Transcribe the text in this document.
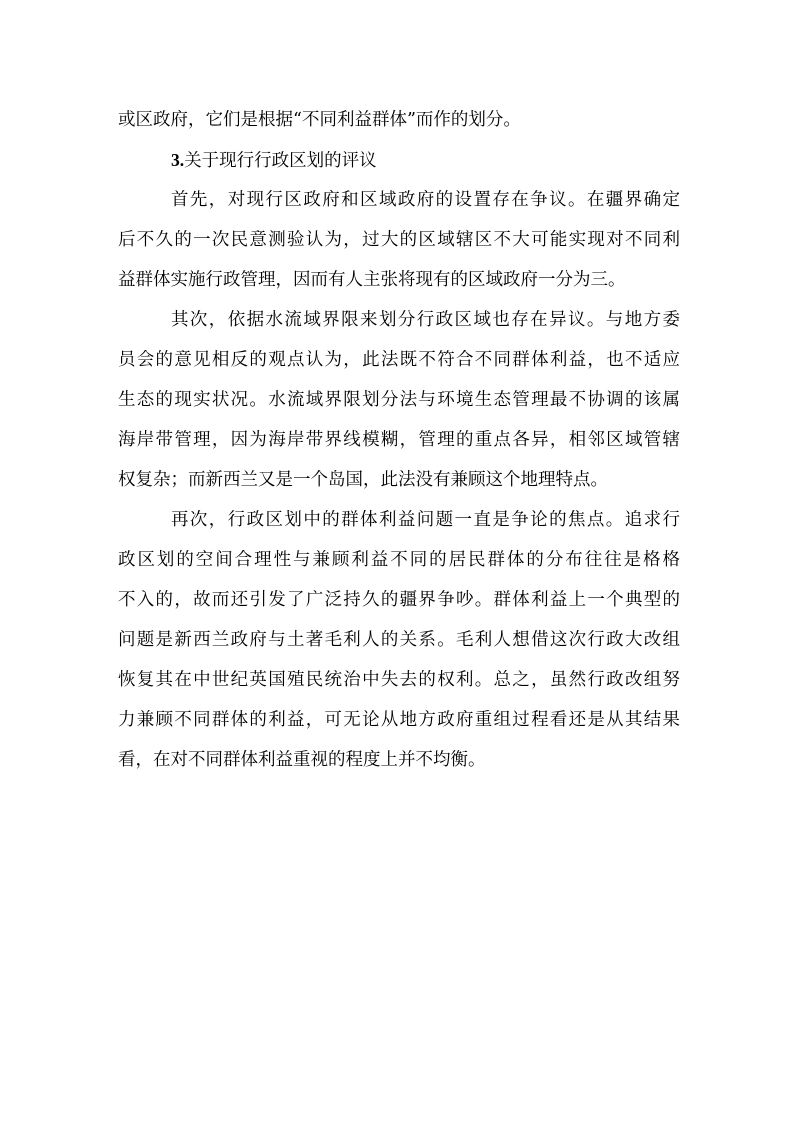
或区政府，它们是根据“不同利益群体”而作的划分。
3.关于现行行政区划的评议
首先，对现行区政府和区域政府的设置存在争议。在疆界确定
后不久的一次民意测验认为，过大的区域辖区不大可能实现对不同利
益群体实施行政管理，因而有人主张将现有的区域政府一分为三。
其次，依据水流域界限来划分行政区域也存在异议。与地方委
员会的意见相反的观点认为，此法既不符合不同群体利益，也不适应
生态的现实状况。水流域界限划分法与环境生态管理最不协调的该属
海岸带管理，因为海岸带界线模糊，管理的重点各异，相邻区域管辖
权复杂；而新西兰又是一个岛国，此法没有兼顾这个地理特点。
再次，行政区划中的群体利益问题一直是争论的焦点。追求行
政区划的空间合理性与兼顾利益不同的居民群体的分布往往是格格
不入的，故而还引发了广泛持久的疆界争吵。群体利益上一个典型的
问题是新西兰政府与土著毛利人的关系。毛利人想借这次行政大改组
恢复其在中世纪英国殖民统治中失去的权利。总之，虽然行政改组努
力兼顾不同群体的利益，可无论从地方政府重组过程看还是从其结果
看，在对不同群体利益重视的程度上并不均衡。
